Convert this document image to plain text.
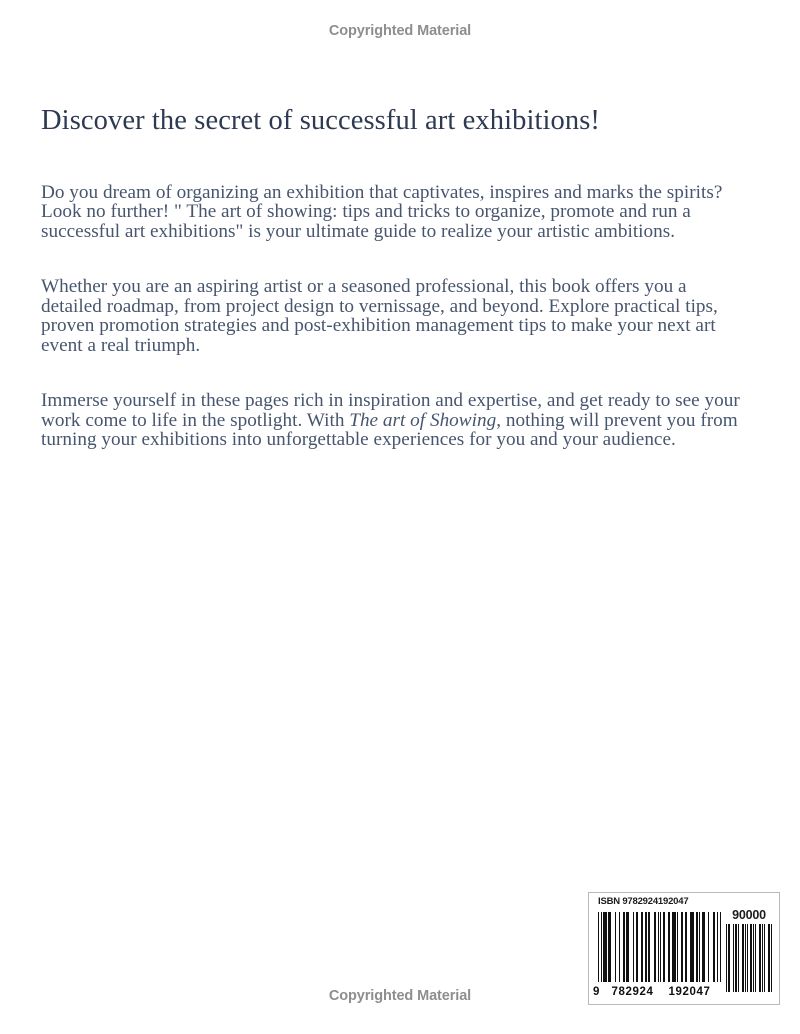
Copyrighted Material
Discover the secret of successful art exhibitions!

Do you dream of organizing an exhibition that captivates, inspires and marks the spirits? Look no further! " The art of showing: tips and tricks to organize, promote and run a successful art exhibitions" is your ultimate guide to realize your artistic ambitions.

Whether you are an aspiring artist or a seasoned professional, this book offers you a detailed roadmap, from project design to vernissage, and beyond. Explore practical tips, proven promotion strategies and post-exhibition management tips to make your next art event a real triumph.

Immerse yourself in these pages rich in inspiration and expertise, and get ready to see your work come to life in the spotlight. With The art of Showing, nothing will prevent you from turning your exhibitions into unforgettable experiences for you and your audience.

ISBN 9782924192047
90000
9	782924	192047
Copyrighted Material
